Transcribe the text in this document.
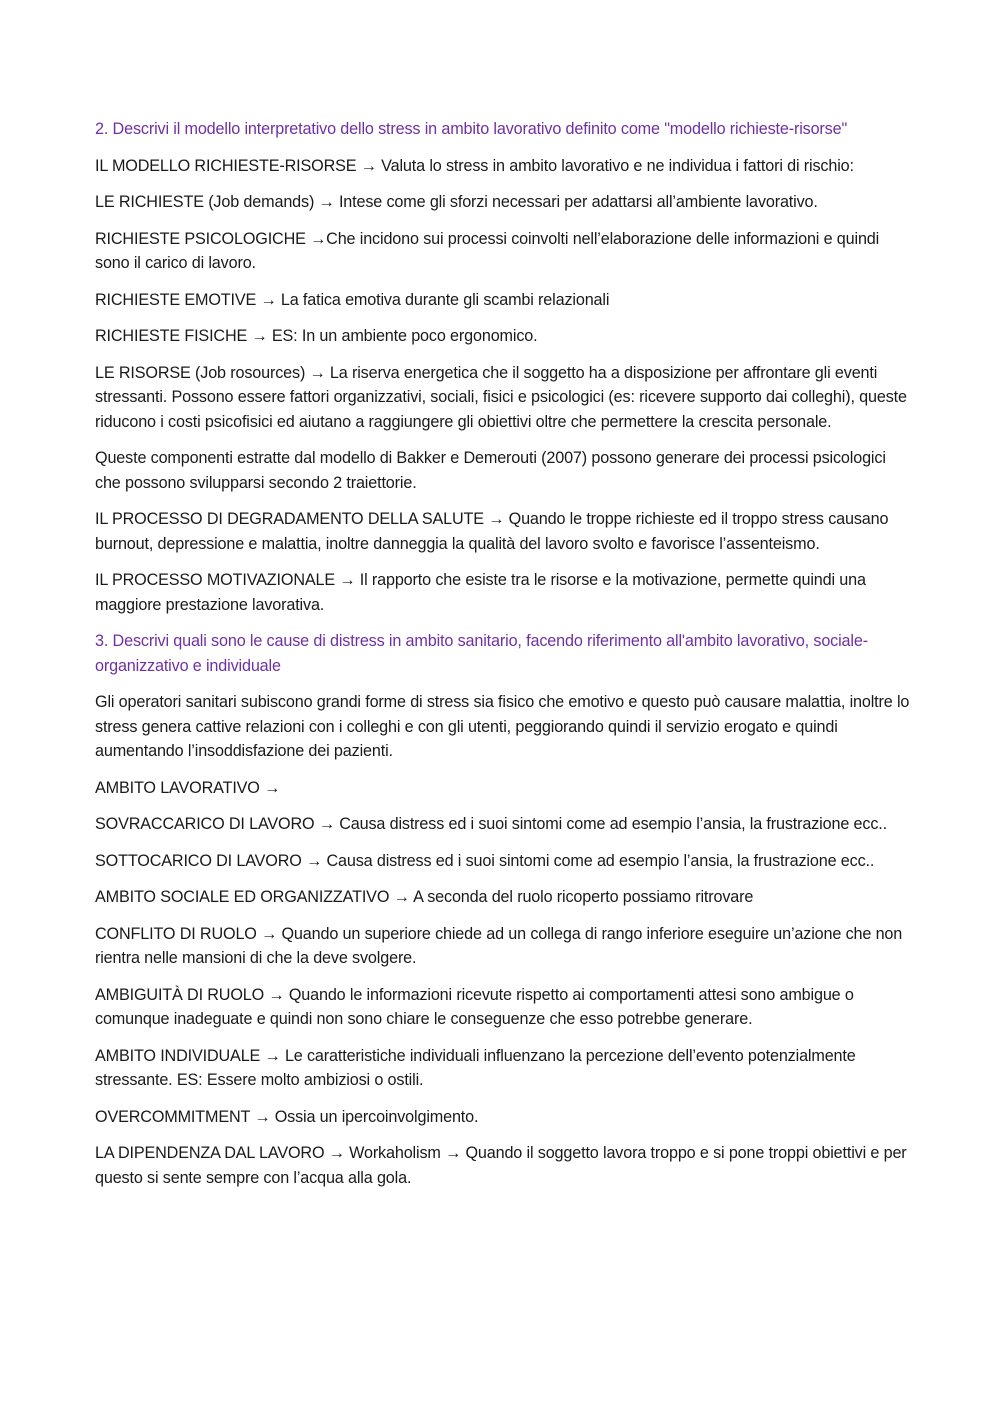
2. Descrivi il modello interpretativo dello stress in ambito lavorativo definito come "modello richieste-risorse"

IL MODELLO RICHIESTE-RISORSE → Valuta lo stress in ambito lavorativo e ne individua i fattori di rischio:

LE RICHIESTE (Job demands) → Intese come gli sforzi necessari per adattarsi all’ambiente lavorativo.

RICHIESTE PSICOLOGICHE →Che incidono sui processi coinvolti nell’elaborazione delle informazioni e quindi sono il carico di lavoro.

RICHIESTE EMOTIVE → La fatica emotiva durante gli scambi relazionali

RICHIESTE FISICHE → ES: In un ambiente poco ergonomico.

LE RISORSE (Job rosources) → La riserva energetica che il soggetto ha a disposizione per affrontare gli eventi stressanti. Possono essere fattori organizzativi, sociali, fisici e psicologici (es: ricevere supporto dai colleghi), queste riducono i costi psicofisici ed aiutano a raggiungere gli obiettivi oltre che permettere la crescita personale.

Queste componenti estratte dal modello di Bakker e Demerouti (2007) possono generare dei processi psicologici che possono svilupparsi secondo 2 traiettorie.

IL PROCESSO DI DEGRADAMENTO DELLA SALUTE → Quando le troppe richieste ed il troppo stress causano burnout, depressione e malattia, inoltre danneggia la qualità del lavoro svolto e favorisce l’assenteismo.

IL PROCESSO MOTIVAZIONALE → Il rapporto che esiste tra le risorse e la motivazione, permette quindi una maggiore prestazione lavorativa.

3. Descrivi quali sono le cause di distress in ambito sanitario, facendo riferimento all'ambito lavorativo, sociale-organizzativo e individuale

Gli operatori sanitari subiscono grandi forme di stress sia fisico che emotivo e questo può causare malattia, inoltre lo stress genera cattive relazioni con i colleghi e con gli utenti, peggiorando quindi il servizio erogato e quindi aumentando l’insoddisfazione dei pazienti.

AMBITO LAVORATIVO →

SOVRACCARICO DI LAVORO → Causa distress ed i suoi sintomi come ad esempio l’ansia, la frustrazione ecc..

SOTTOCARICO DI LAVORO → Causa distress ed i suoi sintomi come ad esempio l’ansia, la frustrazione ecc..

AMBITO SOCIALE ED ORGANIZZATIVO → A seconda del ruolo ricoperto possiamo ritrovare

CONFLITO DI RUOLO → Quando un superiore chiede ad un collega di rango inferiore eseguire un’azione che non rientra nelle mansioni di che la deve svolgere.

AMBIGUITÀ DI RUOLO → Quando le informazioni ricevute rispetto ai comportamenti attesi sono ambigue o comunque inadeguate e quindi non sono chiare le conseguenze che esso potrebbe generare.

AMBITO INDIVIDUALE → Le caratteristiche individuali influenzano la percezione dell’evento potenzialmente stressante. ES: Essere molto ambiziosi o ostili.

OVERCOMMITMENT → Ossia un ipercoinvolgimento.

LA DIPENDENZA DAL LAVORO → Workaholism → Quando il soggetto lavora troppo e si pone troppi obiettivi e per questo si sente sempre con l’acqua alla gola.
